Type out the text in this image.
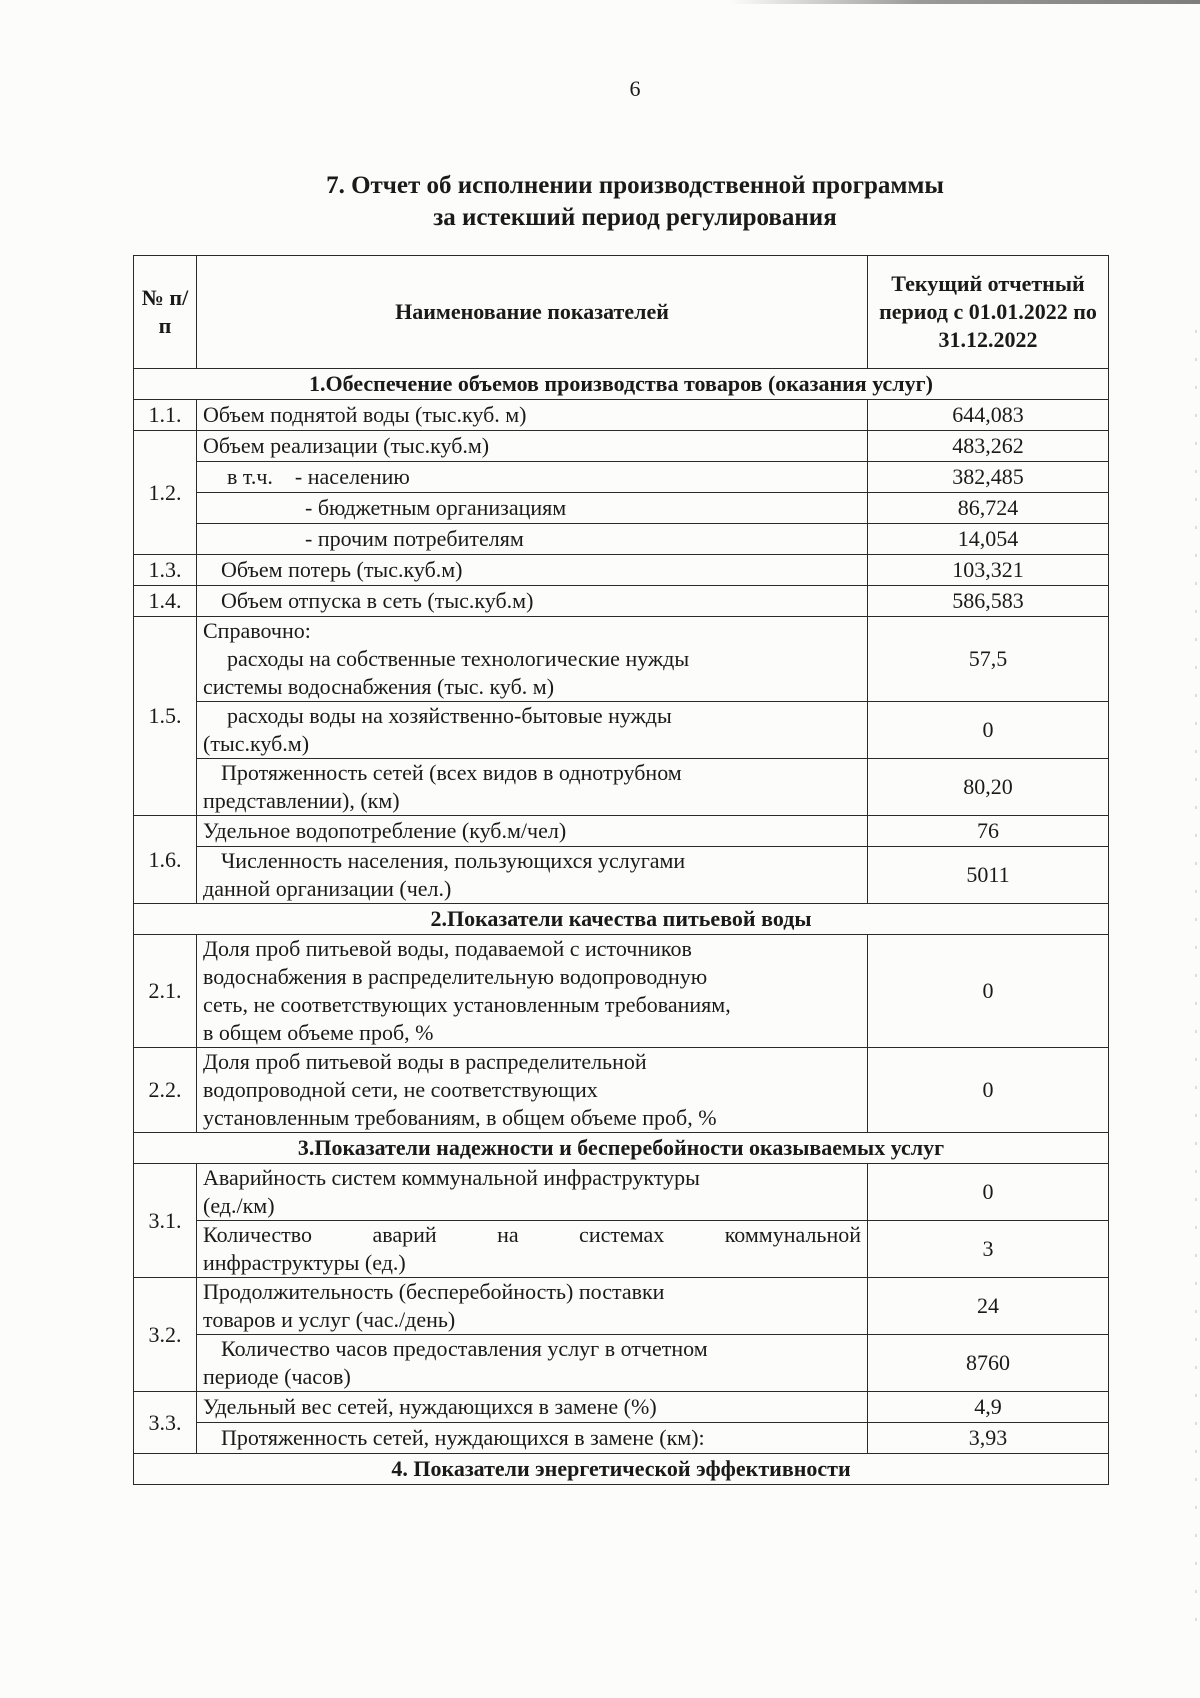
6
7. Отчет об исполнении производственной программы
за истекший период регулирования
№ п/п	Наименование показателей	Текущий отчетный период с 01.01.2022 по 31.12.2022
1.Обеспечение объемов производства товаров (оказания услуг)		
1.1.	Объем поднятой воды (тыс.куб. м)	644,083
1.2.	Объем реализации (тыс.куб.м)	483,262
	в т.ч.    - населению	382,485
	- бюджетным организациям	86,724
	- прочим потребителям	14,054
1.3.	Объем потерь (тыс.куб.м)	103,321
1.4.	Объем отпуска в сеть (тыс.куб.м)	586,583
1.5.	Справочно:
расходы на собственные технологические нужды
системы водоснабжения (тыс. куб. м)	57,5

	расходы воды на хозяйственно-бытовые нужды
(тыс.куб.м)	0

	Протяженность сетей (всех видов в однотрубном
представлении), (км)	80,20
1.6.	Удельное водопотребление (куб.м/чел)	76

	Численность населения, пользующихся услугами
данной организации (чел.)	5011
2.Показатели качества питьевой воды		
2.1.	Доля проб питьевой воды, подаваемой с источников
водоснабжения в распределительную водопроводную
сеть, не соответствующих установленным требованиям,
в общем объеме проб, %	0
2.2.	Доля проб питьевой воды в распределительной
водопроводной сети, не соответствующих
установленным требованиям, в общем объеме проб, %	0
3.Показатели надежности и бесперебойности оказываемых услуг		
3.1.	Аварийность систем коммунальной инфраструктуры
(ед./км)	0

	Количество    аварий    на    системах    коммунальной
инфраструктуры (ед.)	3
3.2.	Продолжительность (бесперебойность) поставки
товаров и услуг (час./день)	24

	Количество часов предоставления услуг в отчетном
периоде (часов)	8760
3.3.	Удельный вес сетей, нуждающихся в замене (%)	4,9
	Протяженность сетей, нуждающихся в замене (км):	3,93
4. Показатели энергетической эффективности		
